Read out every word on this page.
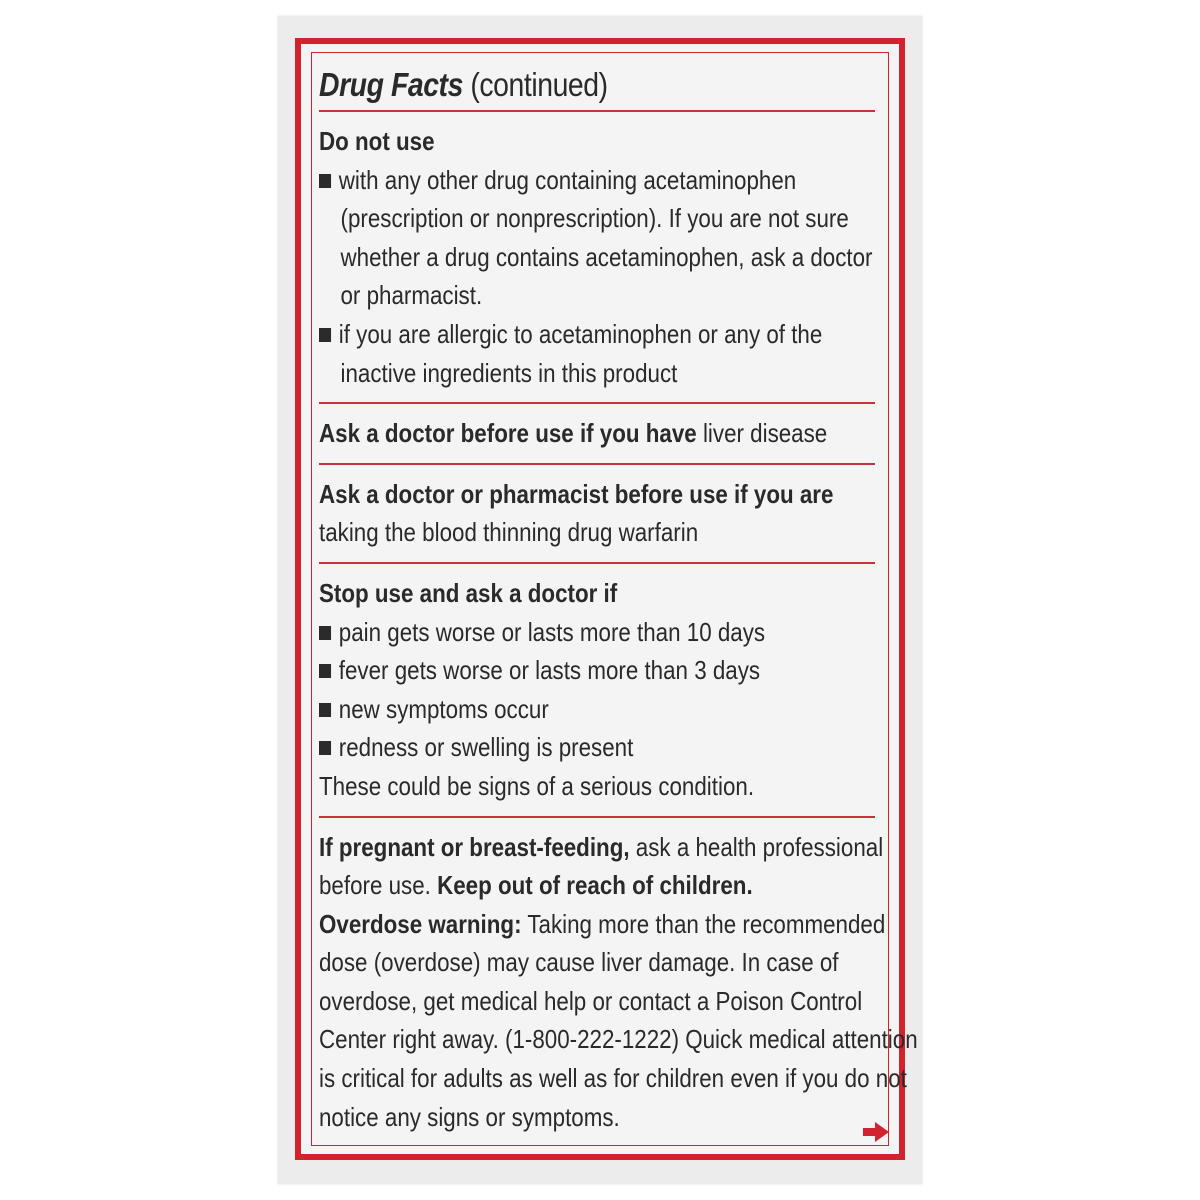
Drug Facts (continued)
Do not use
with any other drug containing acetaminophen
(prescription or nonprescription). If you are not sure
whether a drug contains acetaminophen, ask a doctor
or pharmacist.
if you are allergic to acetaminophen or any of the
inactive ingredients in this product
Ask a doctor before use if you have liver disease
Ask a doctor or pharmacist before use if you are
taking the blood thinning drug warfarin
Stop use and ask a doctor if
pain gets worse or lasts more than 10 days
fever gets worse or lasts more than 3 days
new symptoms occur
redness or swelling is present
These could be signs of a serious condition.
If pregnant or breast-feeding, ask a health professional
before use. Keep out of reach of children.
Overdose warning: Taking more than the recommended
dose (overdose) may cause liver damage. In case of
overdose, get medical help or contact a Poison Control
Center right away. (1-800-222-1222) Quick medical attention
is critical for adults as well as for children even if you do not
notice any signs or symptoms.
